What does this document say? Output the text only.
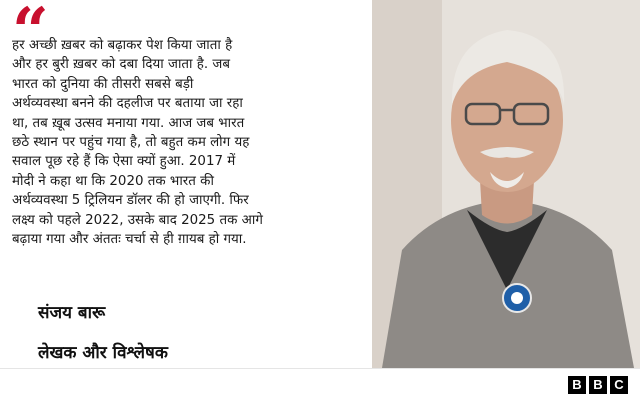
“
हर अच्छी ख़बर को बढ़ाकर पेश किया जाता है
और हर बुरी ख़बर को दबा दिया जाता है. जब
भारत को दुनिया की तीसरी सबसे बड़ी
अर्थव्यवस्था बनने की दहलीज पर बताया जा रहा
था, तब ख़ूब उत्सव मनाया गया. आज जब भारत
छठे स्थान पर पहुंच गया है, तो बहुत कम लोग यह
सवाल पूछ रहे हैं कि ऐसा क्यों हुआ. 2017 में
मोदी ने कहा था कि 2020 तक भारत की
अर्थव्यवस्था 5 ट्रिलियन डॉलर की हो जाएगी. फिर
लक्ष्य को पहले 2022, उसके बाद 2025 तक आगे
बढ़ाया गया और अंततः चर्चा से ही ग़ायब हो गया.
संजय बारू
लेखक और विश्लेषक
B B C
